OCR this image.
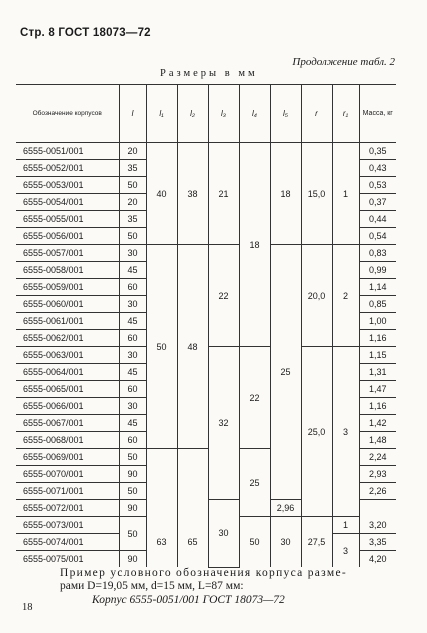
Стр. 8 ГОСТ 18073—72
Продолжение табл. 2
Размеры в мм
Обозначение корпусов	l	l₁	l₂	l₃	l₄	l₅	r	r₁	Масса, кг
6555-0051/001	20	40	38	21	18	18	15,0	1	0,35
6555-0052/001	35								0,43
6555-0053/001	50								0,53
6555-0054/001	20								0,37
6555-0055/001	35								0,44
6555-0056/001	50								0,54
6555-0057/001	30	50	48	22		25	20,0	2	0,83
6555-0058/001	45								0,99
6555-0059/001	60								1,14
6555-0060/001	30								0,85
6555-0061/001	45								1,00
6555-0062/001	60								1,16
6555-0063/001	30			32	22		25,0	3	1,15
6555-0064/001	45								1,31
6555-0065/001	60								1,47
6555-0066/001	30								1,16
6555-0067/001	45								1,42
6555-0068/001	60								1,48
6555-0069/001	50				25				2,24
6555-0070/001	90								2,93
6555-0071/001	50								2,26
6555-0072/001	90			30		2,96			
6555-0073/001	50	63	65		50	30	27,5	1	3,20
6555-0074/001								3	3,35
6555-0075/001	90								4,20
Пример условного обозначения корпуса разме-
рами D=19,05 мм, d=15 мм, L=87 мм:
Корпус 6555-0051/001 ГОСТ 18073—72
18
